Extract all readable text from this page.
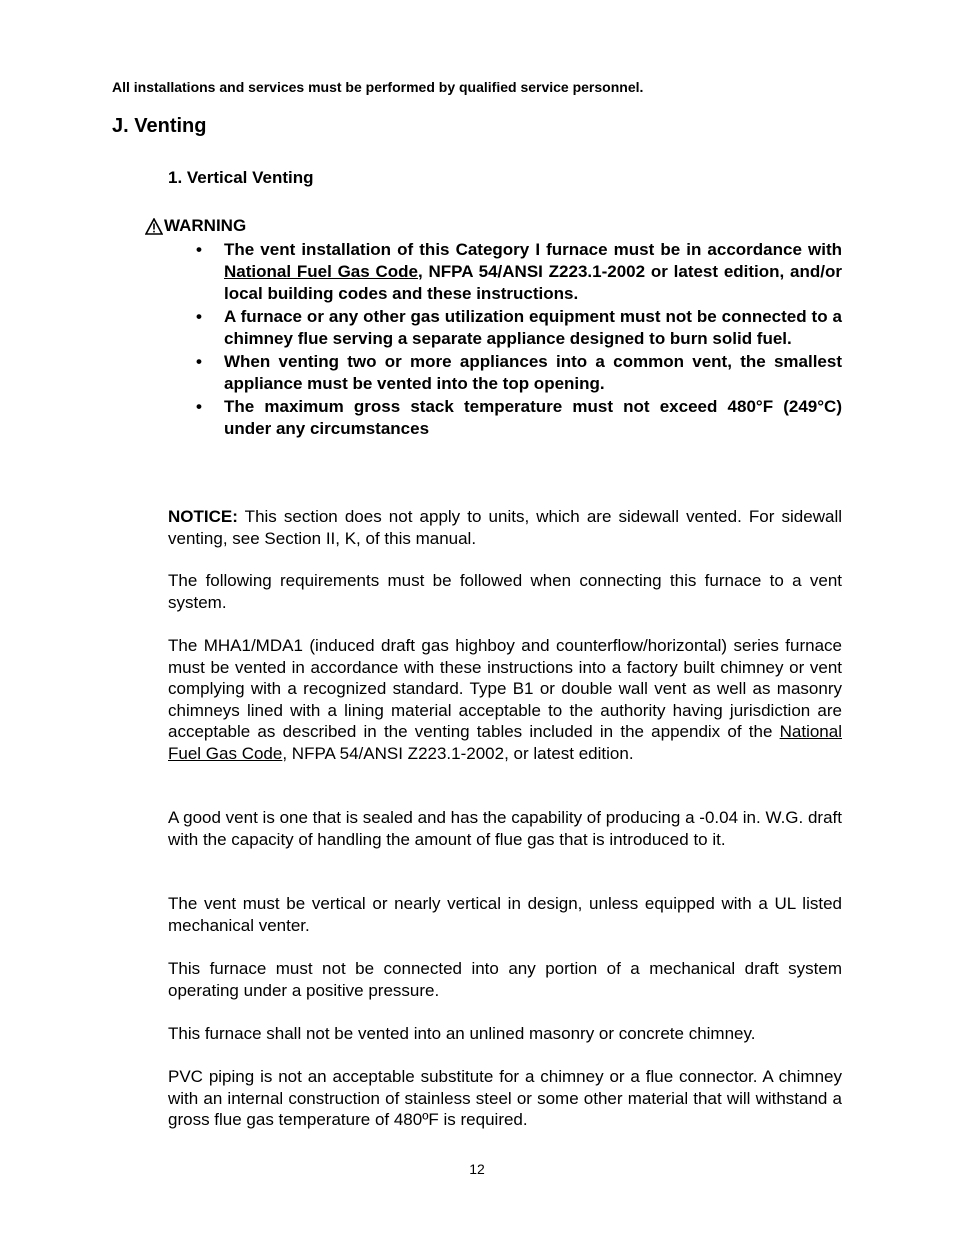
All installations and services must be performed by qualified service personnel.
J. Venting
1. Vertical Venting
WARNING
• The vent installation of this Category I furnace must be in accordance with National Fuel Gas Code, NFPA 54/ANSI Z223.1-2002 or latest edition, and/or local building codes and these instructions.
• A furnace or any other gas utilization equipment must not be connected to a chimney flue serving a separate appliance designed to burn solid fuel.
• When venting two or more appliances into a common vent, the smallest appliance must be vented into the top opening.
• The maximum gross stack temperature must not exceed 480°F (249°C) under any circumstances

NOTICE: This section does not apply to units, which are sidewall vented. For sidewall venting, see Section II, K, of this manual.

The following requirements must be followed when connecting this furnace to a vent system.

The MHA1/MDA1 (induced draft gas highboy and counterflow/horizontal) series furnace must be vented in accordance with these instructions into a factory built chimney or vent complying with a recognized standard. Type B1 or double wall vent as well as masonry chimneys lined with a lining material acceptable to the authority having jurisdiction are acceptable as described in the venting tables included in the appendix of the National Fuel Gas Code, NFPA 54/ANSI Z223.1-2002, or latest edition.

A good vent is one that is sealed and has the capability of producing a -0.04 in. W.G. draft with the capacity of handling the amount of flue gas that is introduced to it.

The vent must be vertical or nearly vertical in design, unless equipped with a UL listed mechanical venter.

This furnace must not be connected into any portion of a mechanical draft system operating under a positive pressure.

This furnace shall not be vented into an unlined masonry or concrete chimney.

PVC piping is not an acceptable substitute for a chimney or a flue connector. A chimney with an internal construction of stainless steel or some other material that will withstand a gross flue gas temperature of 480ºF is required.

12
